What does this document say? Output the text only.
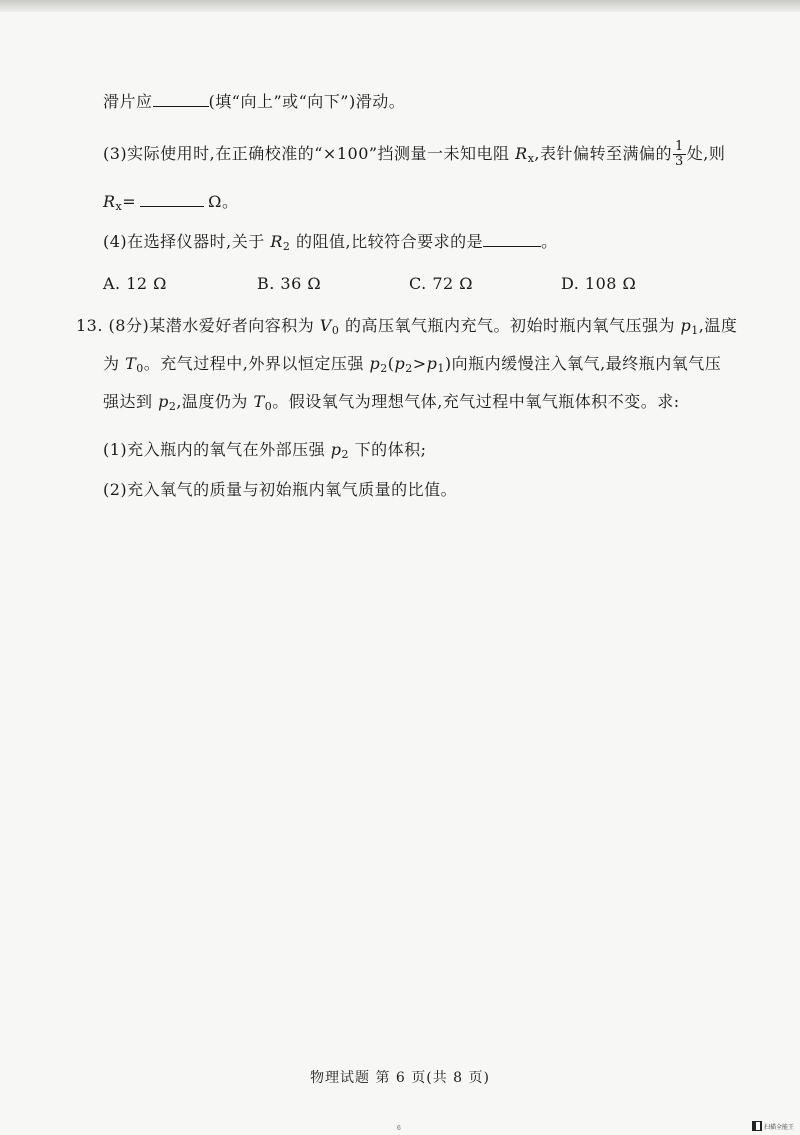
滑片应	(填“向上”或“向下”)滑动。
(3)实际使用时,在正确校准的“×100”挡测量一未知电阻 $R_x$,表针偏转至满偏的 $\frac{1}{3}$ 处,则
$R_x=$	Ω。
(4)在选择仪器时,关于 $R_2$ 的阻值,比较符合要求的是	。
A. 12 Ω	B. 36 Ω	C. 72 Ω	D. 108 Ω
13. (8分)某潜水爱好者向容积为 $V_0$ 的高压氧气瓶内充气。初始时瓶内氧气压强为 $p_1$,温度
为 $T_0$。充气过程中,外界以恒定压强 $p_2(p_2>p_1)$向瓶内缓慢注入氧气,最终瓶内氧气压
强达到 $p_2$,温度仍为 $T_0$。假设氧气为理想气体,充气过程中氧气瓶体积不变。求:
(1)充入瓶内的氧气在外部压强 $p_2$ 下的体积;
(2)充入氧气的质量与初始瓶内氧气质量的比值。
物理试题 第 6 页(共 8 页)
6	扫描全能王
